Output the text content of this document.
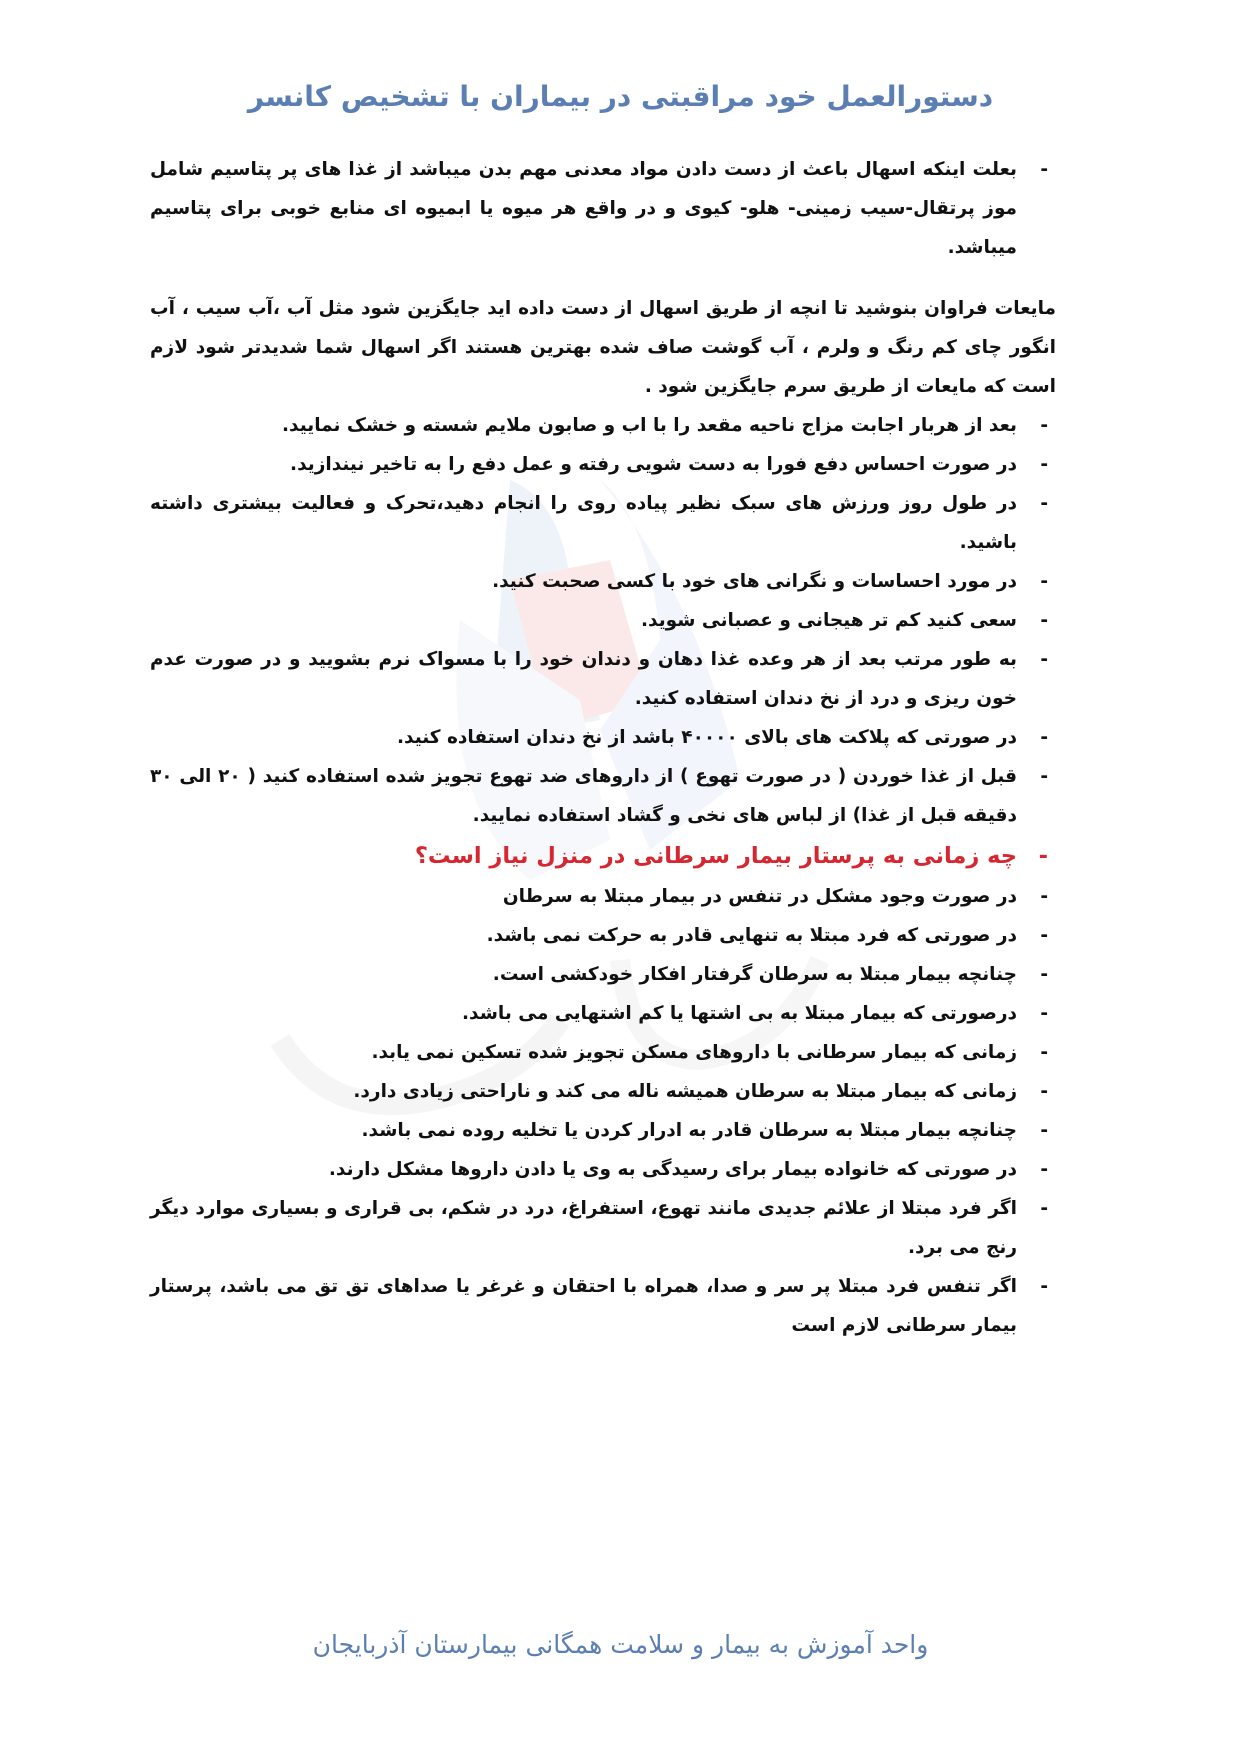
دستورالعمل خود مراقبتی در بیماران با تشخیص کانسر

-
بعلت اینکه اسهال باعث از دست دادن مواد معدنی مهم بدن میباشد از غذا های پر پتاسیم شامل موز پرتقال-سیب زمینی- هلو- کیوی و در واقع هر میوه یا ابمیوه ای منابع خوبی برای پتاسیم میباشد.

مایعات فراوان بنوشید تا انچه از طریق اسهال از دست داده اید جایگزین شود مثل آب ،آب سیب ، آب انگور چای کم رنگ و ولرم ، آب گوشت صاف شده بهترین هستند اگر اسهال شما شدیدتر شود لازم است که مایعات از طریق سرم جایگزین شود .

-
بعد از هربار اجابت مزاج ناحیه مقعد را با اب و صابون ملایم شسته و خشک نمایید.

-
در صورت احساس دفع فورا به دست شویی رفته و عمل دفع را به تاخیر نیندازید.

-
در طول روز ورزش های سبک نظیر پیاده روی را انجام دهید،تحرک و فعالیت بیشتری داشته باشید.

-
در مورد احساسات و نگرانی های خود با کسی صحبت کنید.

-
سعی کنید کم تر هیجانی و عصبانی شوید.

-
به طور مرتب بعد از هر وعده غذا دهان و دندان خود را با مسواک نرم بشویید و در صورت عدم خون ریزی و درد از نخ دندان استفاده کنید.

-
در صورتی که پلاکت های بالای ۴۰۰۰۰ باشد از نخ دندان استفاده کنید.

-
قبل از غذا خوردن ( در صورت تهوع ) از داروهای ضد تهوع تجویز شده استفاده کنید ( ۲۰ الی ۳۰ دقیقه قبل از غذا) از لباس های نخی و گشاد استفاده نمایید.

-
چه زمانی به پرستار بیمار سرطانی در منزل نیاز است؟

-
در صورت وجود مشکل در تنفس در بیمار مبتلا به سرطان

-
در صورتی که فرد مبتلا به تنهایی قادر به حرکت نمی باشد.

-
چنانچه بیمار مبتلا به سرطان گرفتار افکار خودکشی است.

-
درصورتی که بیمار مبتلا به بی اشتها یا کم اشتهایی می باشد.

-
زمانی که بیمار سرطانی با داروهای مسکن تجویز شده تسکین نمی یابد.

-
زمانی که بیمار مبتلا به سرطان همیشه ناله می کند و ناراحتی زیادی دارد.

-
چنانچه بیمار مبتلا به سرطان قادر به ادرار کردن یا تخلیه روده نمی باشد.

-
در صورتی که خانواده بیمار برای رسیدگی به وی یا دادن داروها مشکل دارند.

-
اگر فرد مبتلا از علائم جدیدی مانند تهوع، استفراغ، درد در شکم، بی قراری و بسیاری موارد دیگر رنج می برد.

-
اگر تنفس فرد مبتلا پر سر و صدا، همراه با احتقان و غرغر یا صداهای تق تق می باشد، پرستار بیمار سرطانی لازم است

واحد آموزش به بیمار و سلامت همگانی بیمارستان آذربایجان
